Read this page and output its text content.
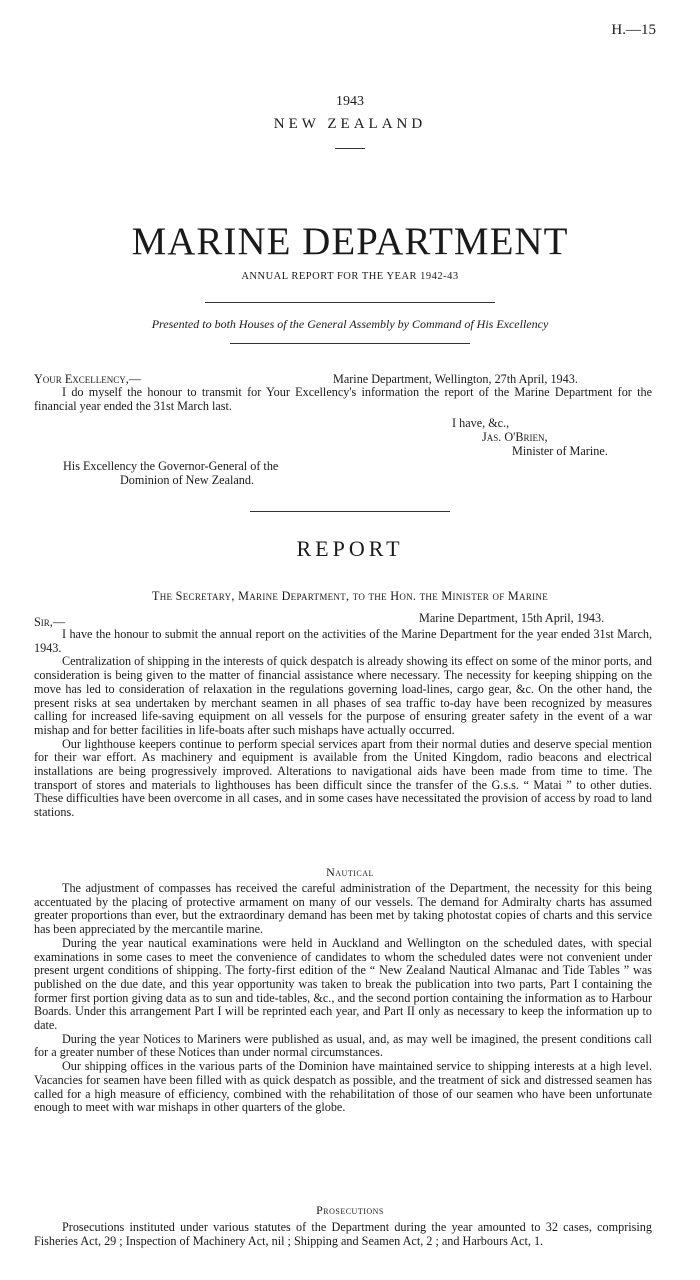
H.—15
1943
NEW ZEALAND
MARINE DEPARTMENT
ANNUAL REPORT FOR THE YEAR 1942-43
Presented to both Houses of the General Assembly by Command of His Excellency
Your Excellency,—	Marine Department, Wellington, 27th April, 1943.

I do myself the honour to transmit for Your Excellency's information the report of the Marine Department for the financial year ended the 31st March last.

I have, &c.,
Jas. O'Brien,
Minister of Marine.
His Excellency the Governor-General of the
Dominion of New Zealand.
REPORT
The Secretary, Marine Department, to the Hon. the Minister of Marine
Sir,—	Marine Department, 15th April, 1943.

I have the honour to submit the annual report on the activities of the Marine Department for the year ended 31st March, 1943.

Centralization of shipping in the interests of quick despatch is already showing its effect on some of the minor ports, and consideration is being given to the matter of financial assistance where necessary. The necessity for keeping shipping on the move has led to consideration of relaxation in the regulations governing load-lines, cargo gear, &c. On the other hand, the present risks at sea undertaken by merchant seamen in all phases of sea traffic to-day have been recognized by measures calling for increased life-saving equipment on all vessels for the purpose of ensuring greater safety in the event of a war mishap and for better facilities in life-boats after such mishaps have actually occurred.

Our lighthouse keepers continue to perform special services apart from their normal duties and deserve special mention for their war effort. As machinery and equipment is available from the United Kingdom, radio beacons and electrical installations are being progressively improved. Alterations to navigational aids have been made from time to time. The transport of stores and materials to lighthouses has been difficult since the transfer of the G.s.s. “ Matai ” to other duties. These difficulties have been overcome in all cases, and in some cases have necessitated the provision of access by road to land stations.

Nautical

The adjustment of compasses has received the careful administration of the Department, the necessity for this being accentuated by the placing of protective armament on many of our vessels. The demand for Admiralty charts has assumed greater proportions than ever, but the extraordinary demand has been met by taking photostat copies of charts and this service has been appreciated by the mercantile marine.

During the year nautical examinations were held in Auckland and Wellington on the scheduled dates, with special examinations in some cases to meet the convenience of candidates to whom the scheduled dates were not convenient under present urgent conditions of shipping. The forty-first edition of the “ New Zealand Nautical Almanac and Tide Tables ” was published on the due date, and this year opportunity was taken to break the publication into two parts, Part I containing the former first portion giving data as to sun and tide-tables, &c., and the second portion containing the information as to Harbour Boards. Under this arrangement Part I will be reprinted each year, and Part II only as necessary to keep the information up to date.

During the year Notices to Mariners were published as usual, and, as may well be imagined, the present conditions call for a greater number of these Notices than under normal circumstances.

Our shipping offices in the various parts of the Dominion have maintained service to shipping interests at a high level. Vacancies for seamen have been filled with as quick despatch as possible, and the treatment of sick and distressed seamen has called for a high measure of efficiency, combined with the rehabilitation of those of our seamen who have been unfortunate enough to meet with war mishaps in other quarters of the globe.

Prosecutions

Prosecutions instituted under various statutes of the Department during the year amounted to 32 cases, comprising Fisheries Act, 29 ; Inspection of Machinery Act, nil ; Shipping and Seamen Act, 2 ; and Harbours Act, 1.
